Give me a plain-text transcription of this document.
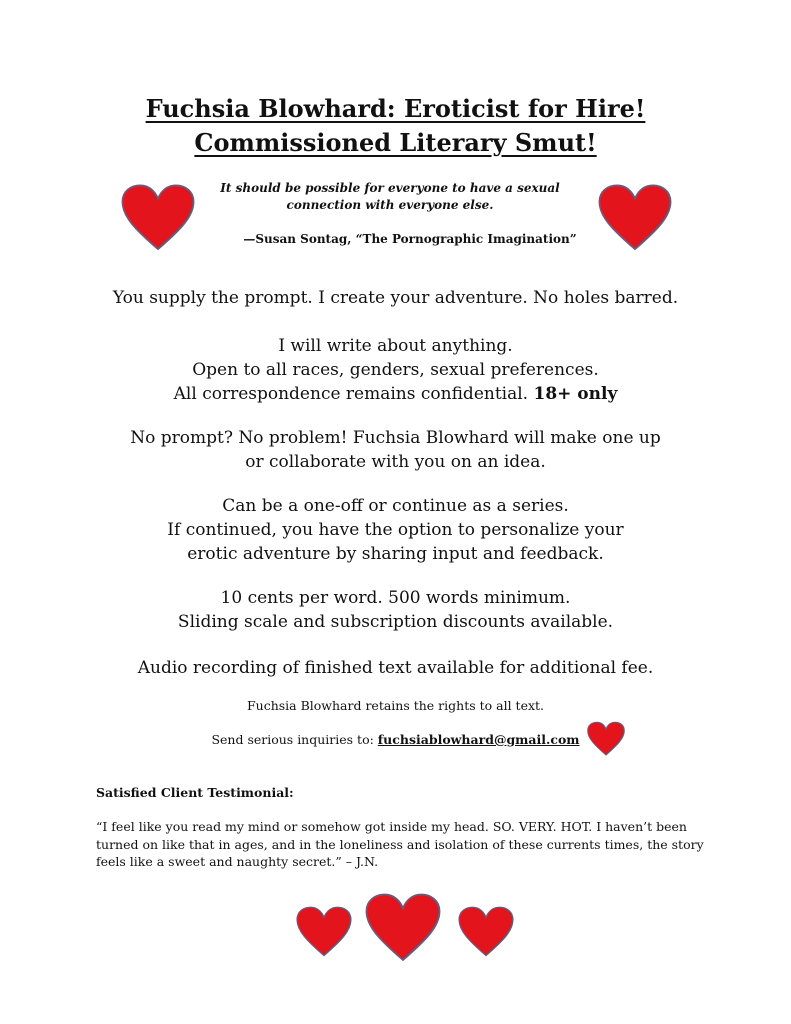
Fuchsia Blowhard: Eroticist for Hire!
Commissioned Literary Smut!
It should be possible for everyone to have a sexual
connection with everyone else.
—Susan Sontag, “The Pornographic Imagination”

You supply the prompt. I create your adventure. No holes barred.

I will write about anything.

Open to all races, genders, sexual preferences.

All correspondence remains confidential. 18+ only

No prompt? No problem! Fuchsia Blowhard will make one up

or collaborate with you on an idea.

Can be a one-off or continue as a series.

If continued, you have the option to personalize your

erotic adventure by sharing input and feedback.

10 cents per word. 500 words minimum.

Sliding scale and subscription discounts available.

Audio recording of finished text available for additional fee.

Fuchsia Blowhard retains the rights to all text.
Send serious inquiries to: fuchsiablowhard@gmail.com
Satisfied Client Testimonial:
“I feel like you read my mind or somehow got inside my head. SO. VERY. HOT. I haven’t been turned on like that in ages, and in the loneliness and isolation of these currents times, the story feels like a sweet and naughty secret.” – J.N.
